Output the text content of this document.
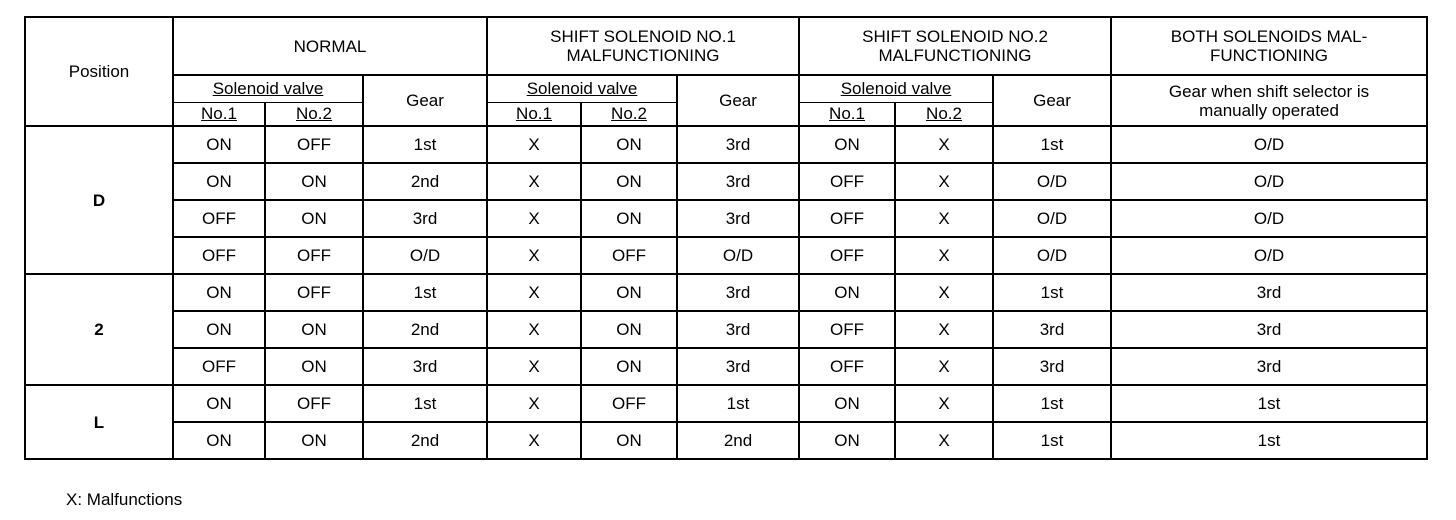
Position	NORMAL			SHIFT SOLENOID NO.1
MALFUNCTIONING			SHIFT SOLENOID NO.2
MALFUNCTIONING			BOTH SOLENOIDS MAL-
FUNCTIONING

	Solenoid valve		Gear	Solenoid valve		Gear	Solenoid valve		Gear	Gear when shift selector is
manually operated

	No.1	No.2		No.1	No.2		No.1	No.2		
D	ON	OFF	1st	X	ON	3rd	ON	X	1st	O/D
	ON	ON	2nd	X	ON	3rd	OFF	X	O/D	O/D
	OFF	ON	3rd	X	ON	3rd	OFF	X	O/D	O/D
	OFF	OFF	O/D	X	OFF	O/D	OFF	X	O/D	O/D
2	ON	OFF	1st	X	ON	3rd	ON	X	1st	3rd
	ON	ON	2nd	X	ON	3rd	OFF	X	3rd	3rd
	OFF	ON	3rd	X	ON	3rd	OFF	X	3rd	3rd
L	ON	OFF	1st	X	OFF	1st	ON	X	1st	1st
	ON	ON	2nd	X	ON	2nd	ON	X	1st	1st
X: Malfunctions
